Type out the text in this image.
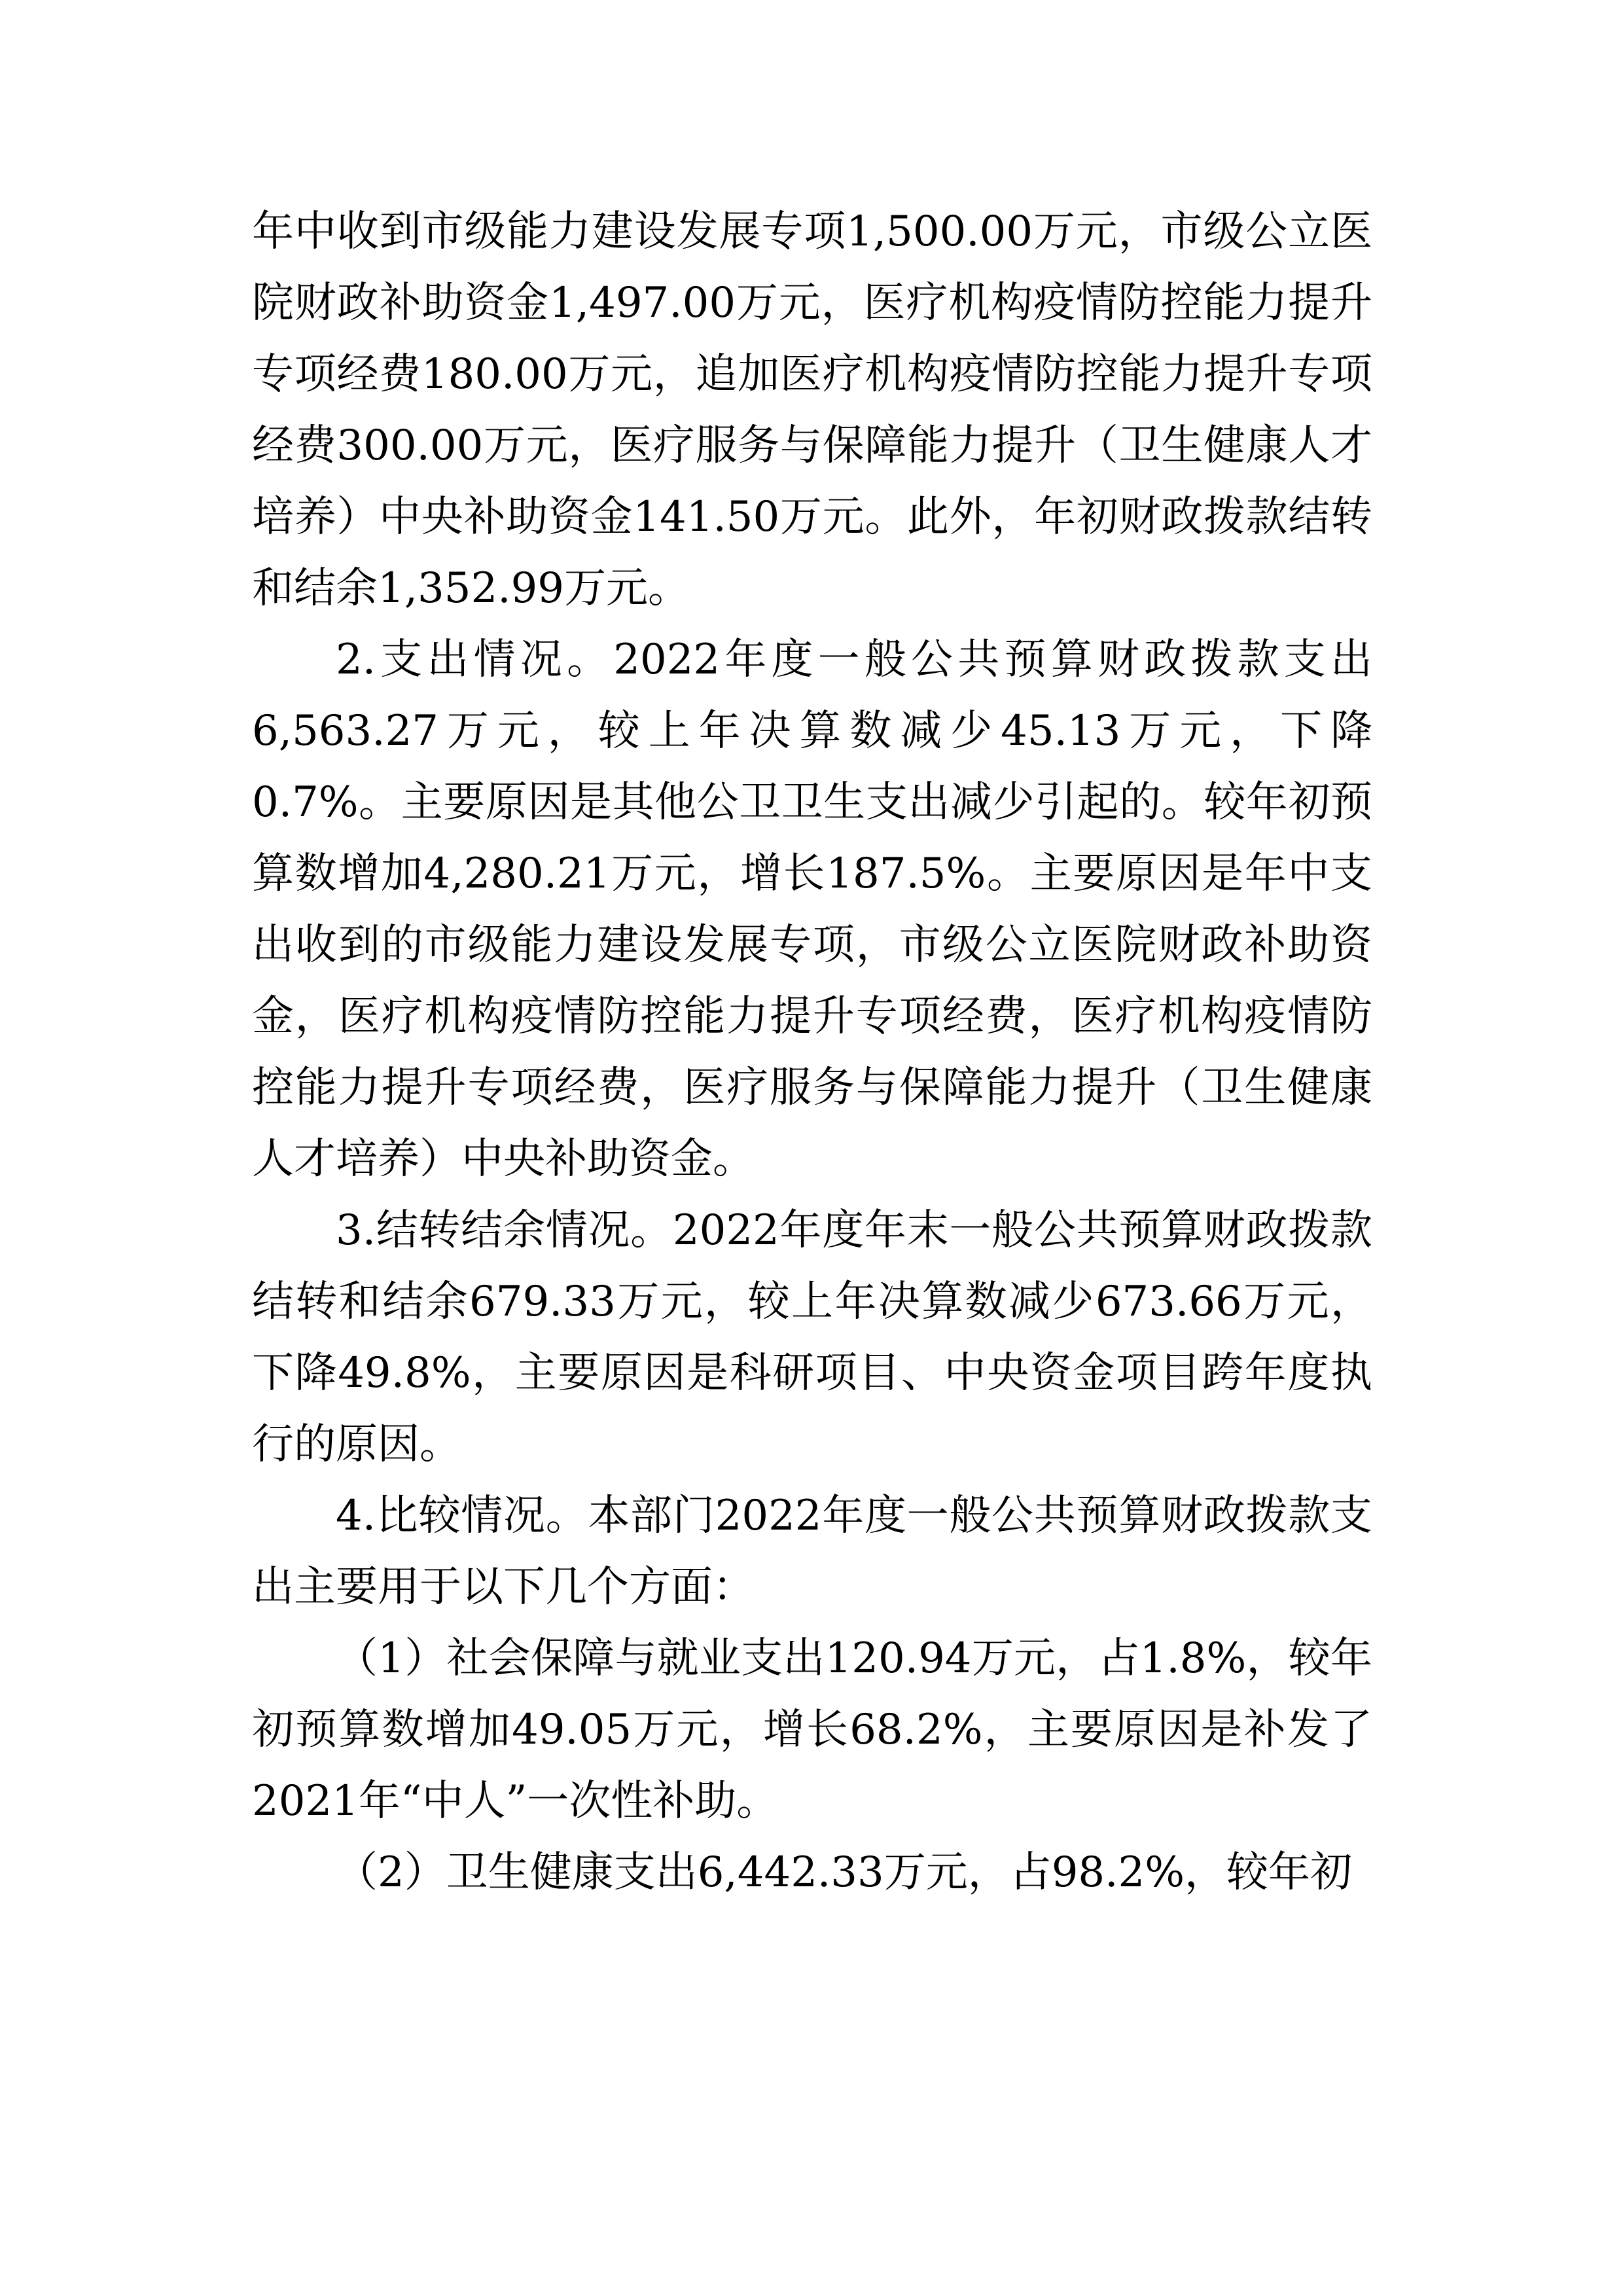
年中收到市级能力建设发展专项1,500.00万元，市级公立医院财政补助资金1,497.00万元，医疗机构疫情防控能力提升专项经费180.00万元，追加医疗机构疫情防控能力提升专项经费300.00万元，医疗服务与保障能力提升（卫生健康人才培养）中央补助资金141.50万元。此外，年初财政拨款结转和结余1,352.99万元。

2.支出情况。2022年度一般公共预算财政拨款支出6,563.27万元，较上年决算数减少45.13万元，下降0.7%。主要原因是其他公卫卫生支出减少引起的。较年初预算数增加4,280.21万元，增长187.5%。主要原因是年中支出收到的市级能力建设发展专项，市级公立医院财政补助资金，医疗机构疫情防控能力提升专项经费，医疗机构疫情防控能力提升专项经费，医疗服务与保障能力提升（卫生健康人才培养）中央补助资金。

3.结转结余情况。2022年度年末一般公共预算财政拨款结转和结余679.33万元，较上年决算数减少673.66万元，下降49.8%，主要原因是科研项目、中央资金项目跨年度执行的原因。

4.比较情况。本部门2022年度一般公共预算财政拨款支出主要用于以下几个方面：

（1）社会保障与就业支出120.94万元，占1.8%，较年初预算数增加49.05万元，增长68.2%，主要原因是补发了2021年“中人”一次性补助。

（2）卫生健康支出6,442.33万元，占98.2%，较年初
